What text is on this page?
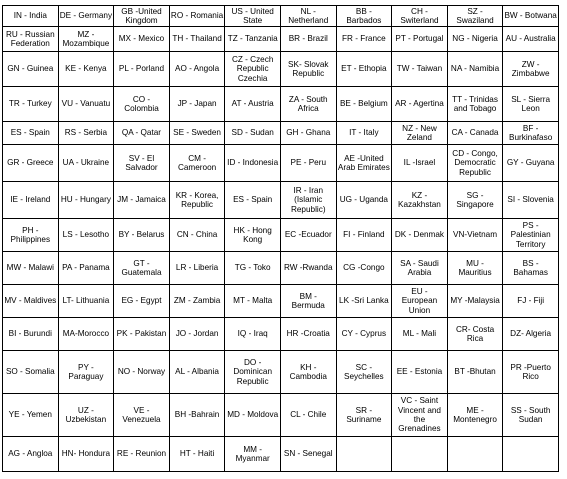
IN - India	DE - Germany	GB -United Kingdom	RO - Romania	US - United State	NL - Netherland	BB - Barbados	CH - Switerland	SZ - Swaziland	BW - Botwana
RU - Russian Federation	MZ - Mozambique	MX - Mexico	TH - Thailand	TZ - Tanzania	BR - Brazil	FR - France	PT - Portugal	NG - Nigeria	AU - Australia
GN - Guinea	KE - Kenya	PL - Porland	AO - Angola	CZ - Czech Republic Czechia	SK- Slovak Republic	ET - Ethopia	TW - Taiwan	NA - Namibia	ZW - Zimbabwe
TR - Turkey	VU - Vanuatu	CO - Colombia	JP - Japan	AT - Austria	ZA - South Africa	BE - Belgium	AR - Agertina	TT - Trinidas and Tobago	SL - Sierra Leon
ES - Spain	RS - Serbia	QA - Qatar	SE - Sweden	SD - Sudan	GH - Ghana	IT - Italy	NZ - New Zeland	CA - Canada	BF - Burkinafaso
GR - Greece	UA - Ukraine	SV - El Salvador	CM - Cameroon	ID - Indonesia	PE - Peru	AE -United Arab Emirates	IL -Israel	CD - Congo, Democratic Republic	GY - Guyana
IE - Ireland	HU - Hungary	JM - Jamaica	KR - Korea, Republic	ES - Spain	IR - Iran (Islamic Republic)	UG - Uganda	KZ - Kazakhstan	SG - Singapore	SI - Slovenia
PH - Philippines	LS - Lesotho	BY - Belarus	CN - China	HK - Hong Kong	EC -Ecuador	FI - Finland	DK - Denmak	VN-Vietnam	PS - Palestinian Territory
MW - Malawi	PA - Panama	GT - Guatemala	LR - Liberia	TG - Toko	RW -Rwanda	CG -Congo	SA - Saudi Arabia	MU - Mauritius	BS - Bahamas
MV - Maldives	LT- Lithuania	EG - Egypt	ZM - Zambia	MT - Malta	BM - Bermuda	LK -Sri Lanka	EU - European Union	MY -Malaysia	FJ - Fiji
BI - Burundi	MA-Morocco	PK - Pakistan	JO - Jordan	IQ - Iraq	HR -Croatia	CY - Cyprus	ML - Mali	CR- Costa Rica	DZ- Algeria
SO - Somalia	PY - Paraguay	NO - Norway	AL - Albania	DO - Dominican Republic	KH - Cambodia	SC - Seychelles	EE - Estonia	BT -Bhutan	PR -Puerto Rico
YE - Yemen	UZ - Uzbekistan	VE - Venezuela	BH -Bahrain	MD - Moldova	CL - Chile	SR - Suriname	VC - Saint Vincent and the Grenadines	ME - Montenegro	SS - South Sudan
AG - Angloa	HN- Hondura	RE - Reunion	HT - Haiti	MM - Myanmar	SN - Senegal				
